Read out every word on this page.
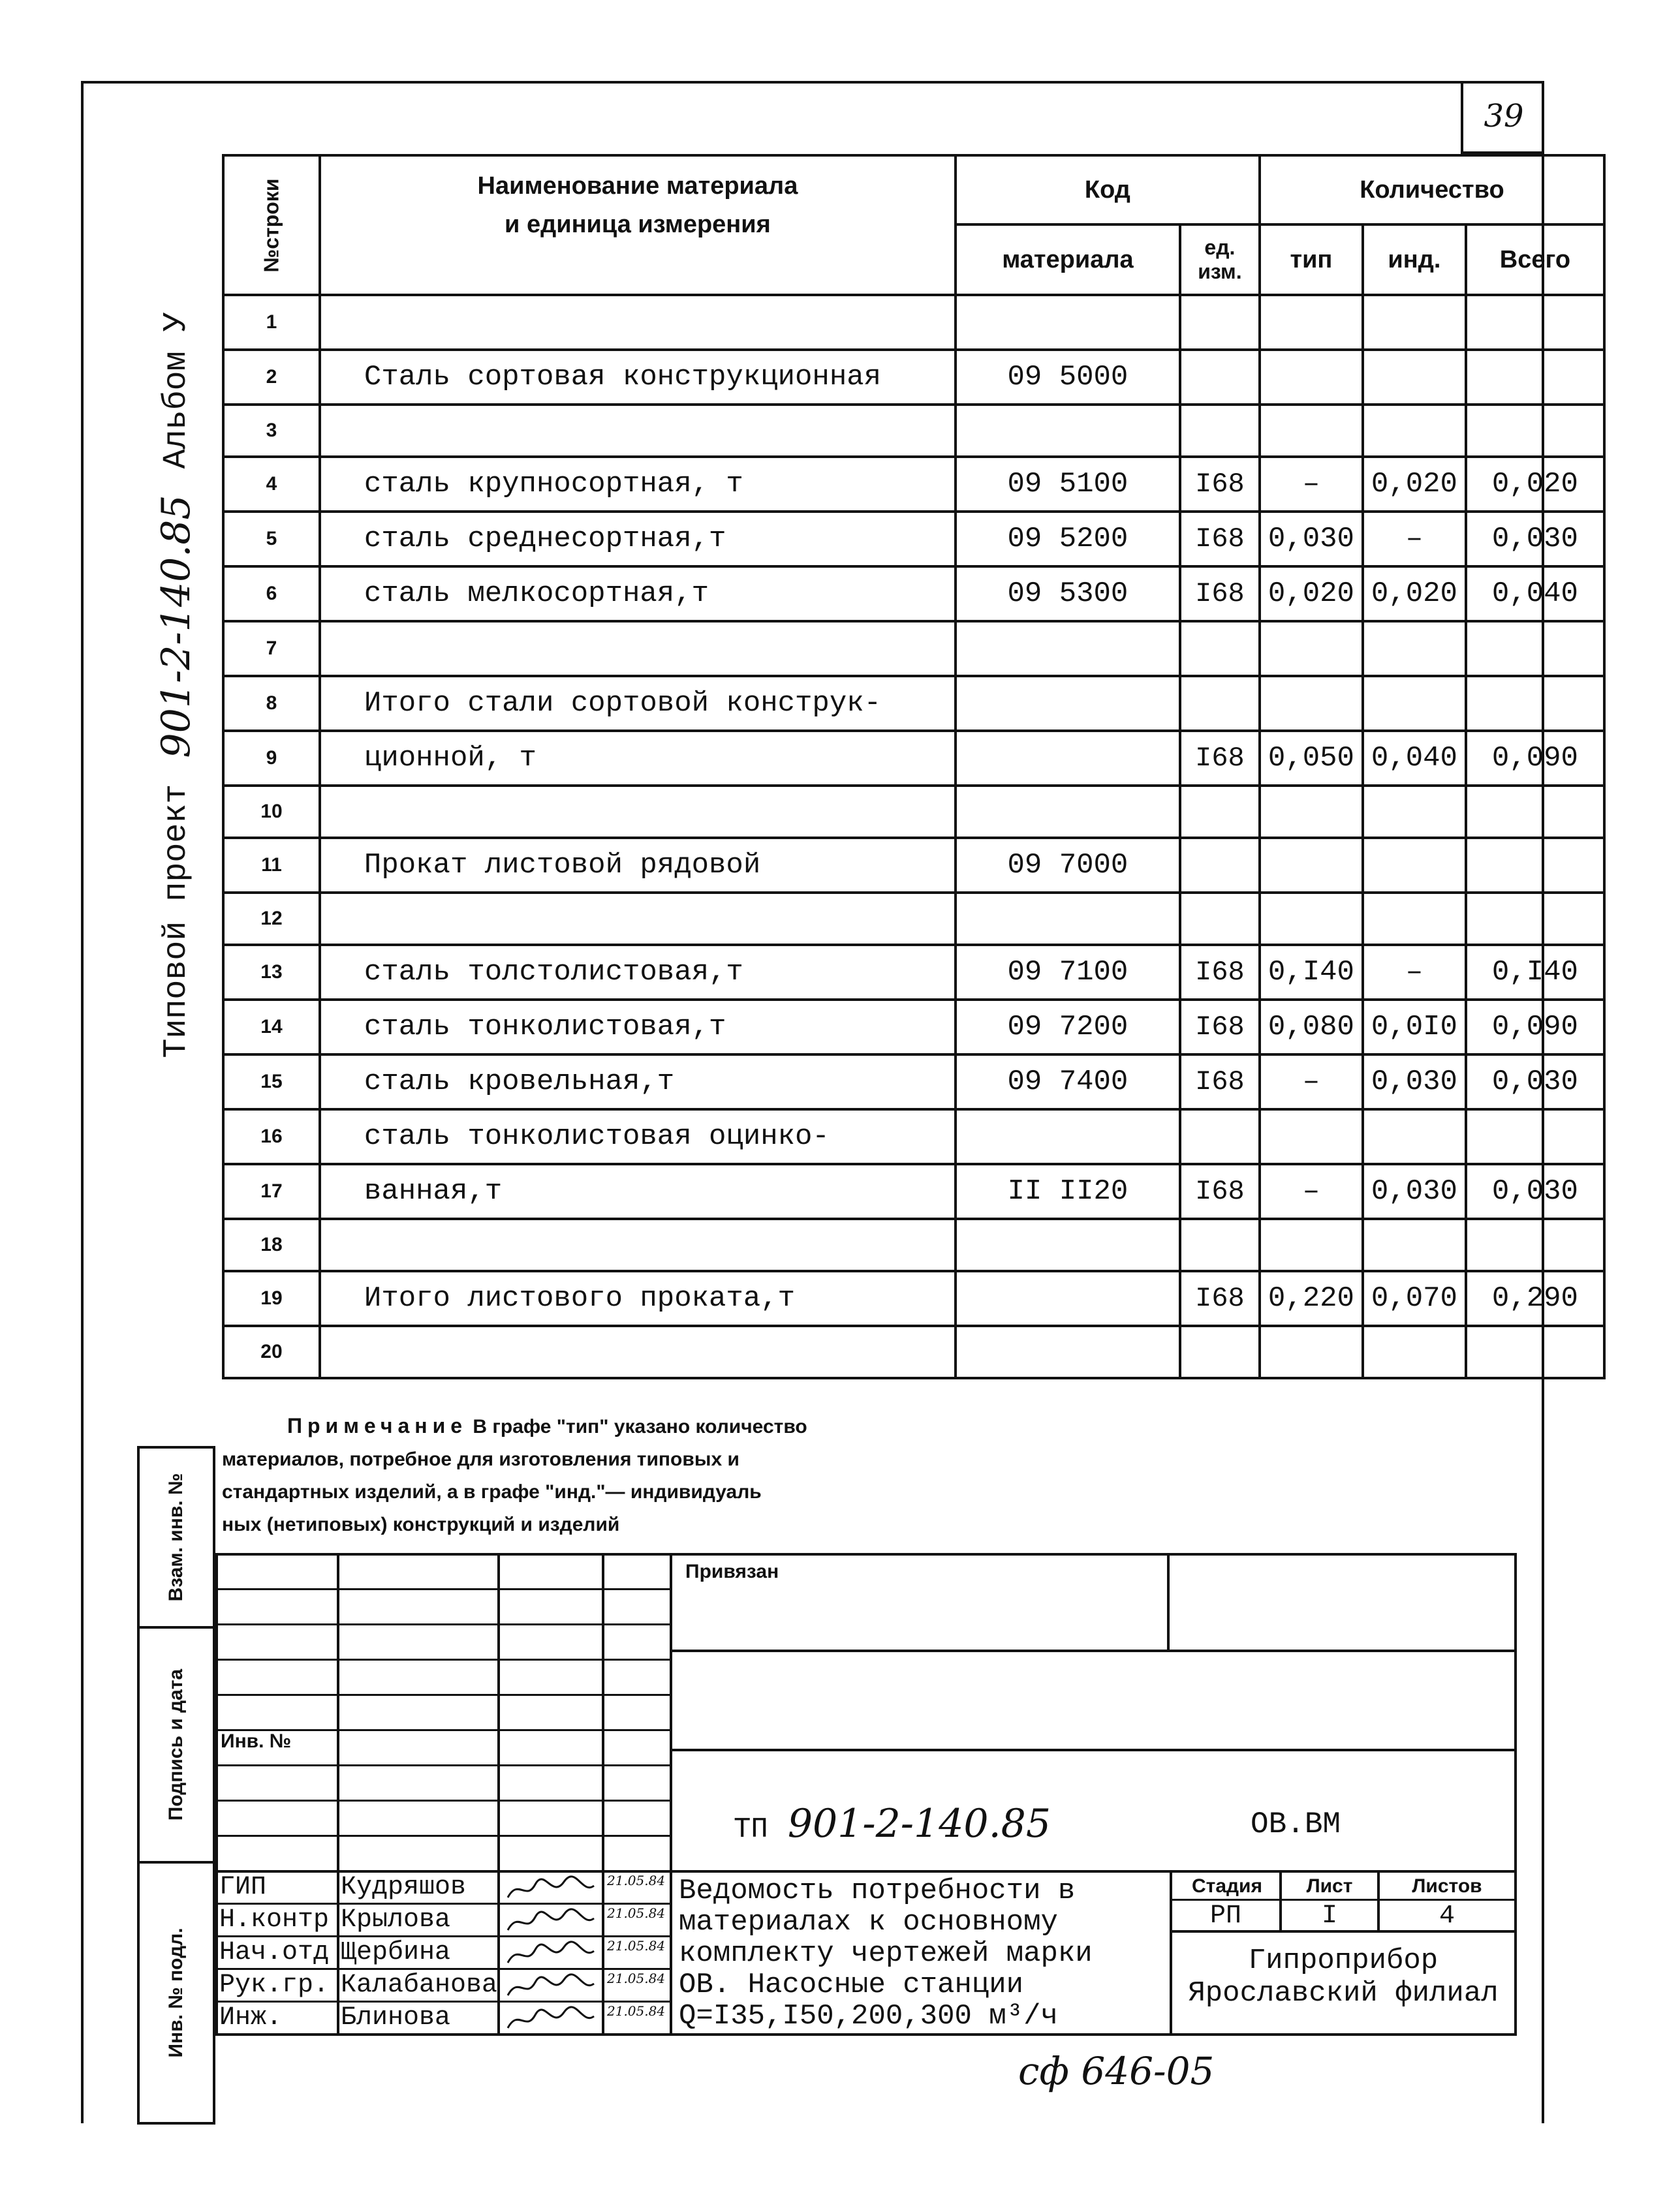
39
Типовой проект
901-2-140.85
Альбом У
№строки	Наименование материала
и единица измерения	Код		Количество		
		материала	ед. изм.	тип	инд.	Всего
1						
2	Сталь сортовая конструкционная	09 5000				
3						
4	сталь крупносортная, т	09 5100	I68	–	0,020	0,020
5	сталь среднесортная,т	09 5200	I68	0,030	–	0,030
6	сталь мелкосортная,т	09 5300	I68	0,020	0,020	0,040
7						
8	Итого стали сортовой конструк-					
9	ционной, т		I68	0,050	0,040	0,090
10						
11	Прокат листовой рядовой	09 7000				
12						
13	сталь толстолистовая,т	09 7100	I68	0,I40	–	0,I40
14	сталь тонколистовая,т	09 7200	I68	0,080	0,0I0	0,090
15	сталь кровельная,т	09 7400	I68	–	0,030	0,030
16	сталь тонколистовая оцинко-					
17	ванная,т	II II20	I68	–	0,030	0,030
18						
19	Итого листового проката,т		I68	0,220	0,070	0,290
20						
Примечание В графе "тип" указано количество
материалов, потребное для изготовления типовых и
стандартных изделий, а в графе "инд."— индивидуаль
ных (нетиповых) конструкций и изделий
Взам. инв. №
Подпись и дата
Инв. № подл.
Привязан
Инв. №
ТП 901-2-140.85	ОВ.ВМ
ГИП	Кудряшов	21.05.84
Н.контр Крылова	21.05.84
Нач.отд Щербина	21.05.84
Рук.гр. Калабанова	21.05.84
Инж.	Блинова	21.05.84
Ведомость потребности в
материалах к основному
комплекту чертежей марки
ОВ. Насосные станции
Q=I35,I50,200,300 м³/ч
Стадия	Лист	Листов
РП	I	4
Гипроприбор
Ярославский филиал
сф 646-05
